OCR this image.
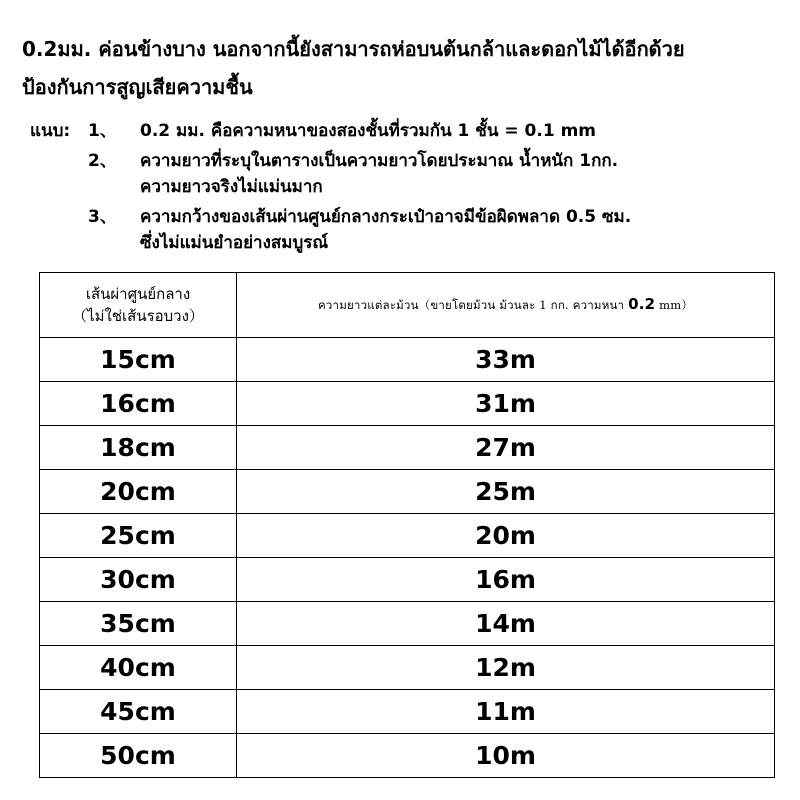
0.2มม. ค่อนข้างบาง นอกจากนี้ยังสามารถห่อบนต้นกล้าและดอกไม้ได้อีกด้วย
ป้องกันการสูญเสียความชื้น
แนบ:	1、	0.2 มม. คือความหนาของสองชั้นที่รวมกัน 1 ชั้น = 0.1 mm
2、	ความยาวที่ระบุในตารางเป็นความยาวโดยประมาณ น้ำหนัก 1กก.
ความยาวจริงไม่แม่นมาก
3、	ความกว้างของเส้นผ่านศูนย์กลางกระเป๋าอาจมีข้อผิดพลาด 0.5 ซม.
ซึ่งไม่แม่นยำอย่างสมบูรณ์
เส้นผ่าศูนย์กลาง
（ไม่ใช่เส้นรอบวง）	ความยาวแต่ละม้วน（ขายโดยม้วน ม้วนละ 1 กก. ความหนา 0.2 mm）
15cm	33m
16cm	31m
18cm	27m
20cm	25m
25cm	20m
30cm	16m
35cm	14m
40cm	12m
45cm	11m
50cm	10m
